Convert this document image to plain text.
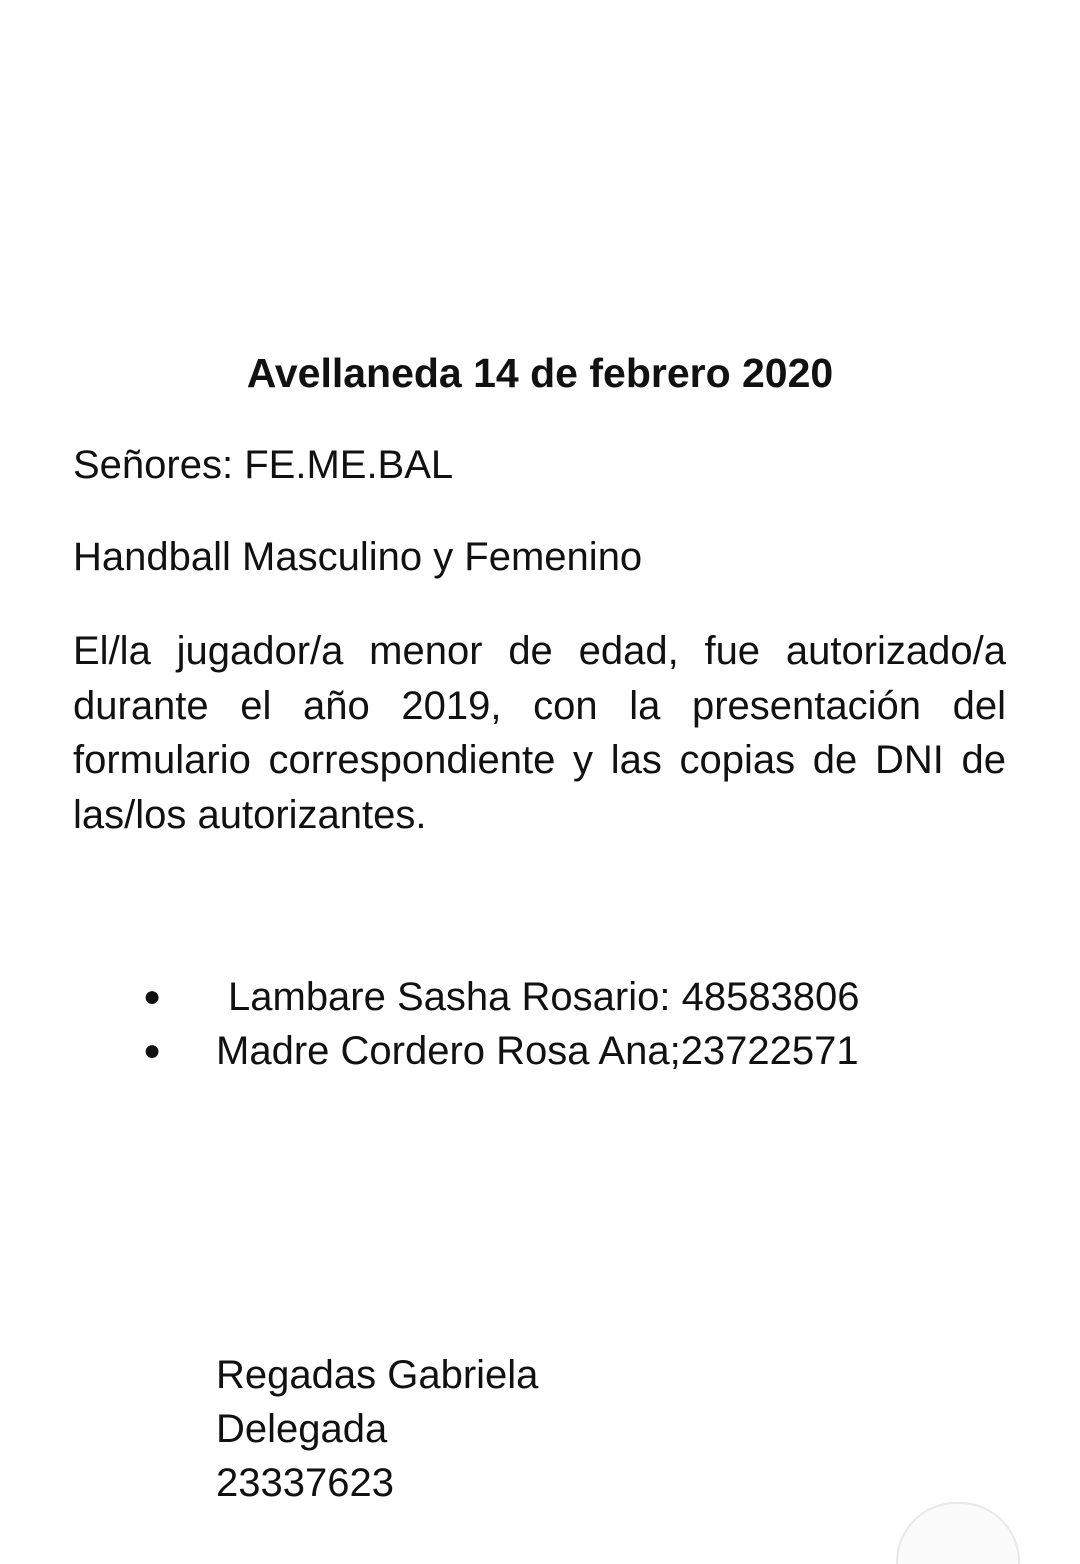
Avellaneda 14 de febrero 2020
Señores: FE.ME.BAL
Handball Masculino y Femenino
El/la jugador/a menor de edad, fue autorizado/a durante el año 2019, con la presentación del formulario correspondiente y las copias de DNI de las/los autorizantes.
● Lambare Sasha Rosario: 48583806
● Madre Cordero Rosa Ana;23722571
Regadas Gabriela
Delegada
23337623
